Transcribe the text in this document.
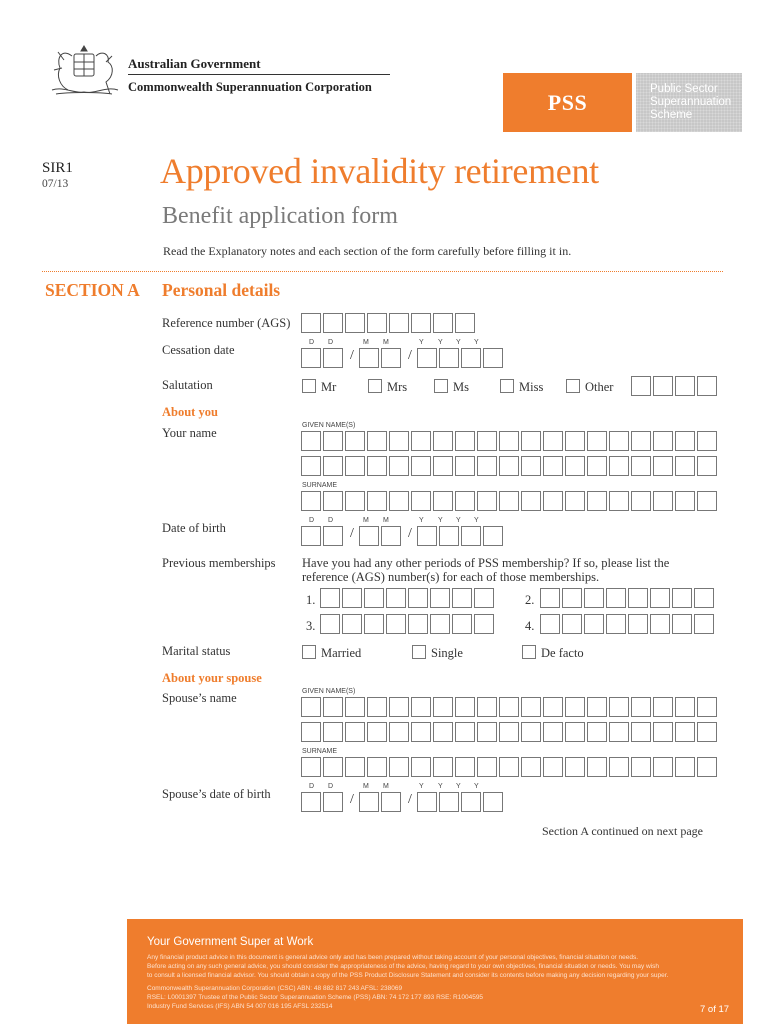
Australian Government
Commonwealth Superannuation Corporation
PSS
Public Sector
Superannuation
Scheme
SIR1
07/13	Approved invalidity retirement
Benefit application form
Read the Explanatory notes and each section of the form carefully before filling it in.
SECTION A Personal details
Reference number (AGS)
Cessation date
D D	M M	Y Y Y Y
/	/
Salutation	Mr	Mrs	Ms	Miss	Other
About you
Your name
GIVEN NAME(S)
SURNAME
Date of birth
D D	M M	Y Y Y Y
/	/
Previous memberships Have you had any other periods of PSS membership? If so, please list the
reference (AGS) number(s) for each of those memberships.
1.	2.
3.	4.
Marital status	Married	Single	De facto
About your spouse
Spouse’s name	GIVEN NAME(S)
SURNAME
Spouse’s date of birth
D D	M M	Y Y Y Y
/	/
Section A continued on next page
Your Government Super at Work
Any financial product advice in this document is general advice only and has been prepared without taking account of your personal objectives, financial situation or needs.
Before acting on any such general advice, you should consider the appropriateness of the advice, having regard to your own objectives, financial situation or needs. You may wish
to consult a licensed financial advisor. You should obtain a copy of the PSS Product Disclosure Statement and consider its contents before making any decision regarding your super.
Commonwealth Superannuation Corporation (CSC) ABN: 48 882 817 243 AFSL: 238069
RSEL: L0001397 Trustee of the Public Sector Superannuation Scheme (PSS) ABN: 74 172 177 893 RSE: R1004595
Industry Fund Services (IFS) ABN 54 007 016 195 AFSL 232514	7 of 17
